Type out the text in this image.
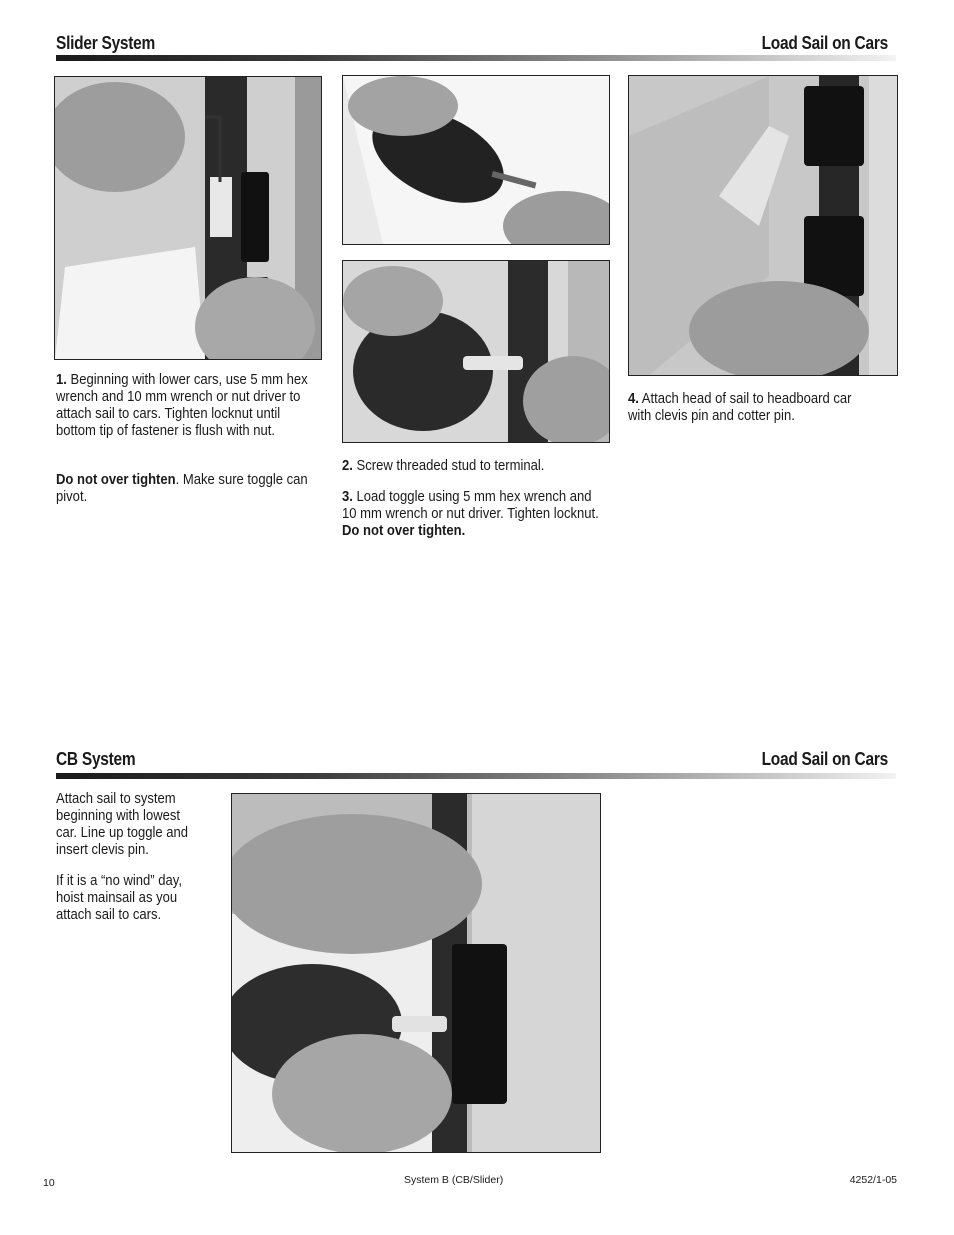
Slider System	Load Sail on Cars
1. Beginning with lower cars, use 5 mm hex wrench and 10 mm wrench or nut driver to attach sail to cars. Tighten locknut until bottom tip of fastener is flush with nut.
Do not over tighten. Make sure toggle can pivot.
2. Screw threaded stud to terminal.
3. Load toggle using 5 mm hex wrench and 10 mm wrench or nut driver. Tighten locknut. Do not over tighten.
4. Attach head of sail to headboard car with clevis pin and cotter pin.
CB System	Load Sail on Cars
Attach sail to system beginning with lowest car. Line up toggle and insert clevis pin.
If it is a “no wind” day, hoist mainsail as you attach sail to cars.
10	System B (CB/Slider)	4252/1-05
